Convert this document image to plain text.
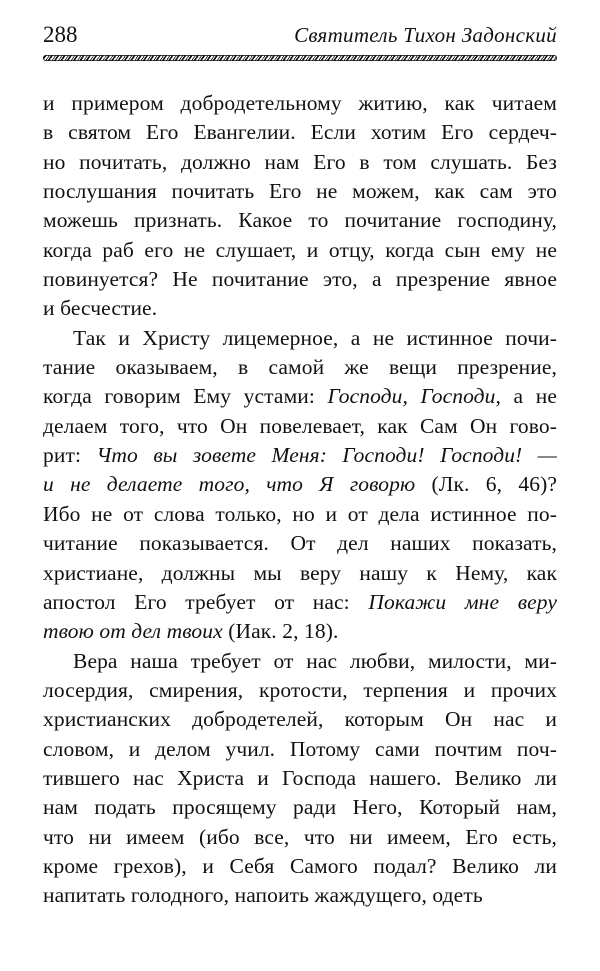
288	Святитель Тихон Задонский
и примером добродетельному житию, как читаем
в святом Его Евангелии. Если хотим Его сердеч-
но почитать, должно нам Его в том слушать. Без
послушания почитать Его не можем, как сам это
можешь признать. Какое то почитание господину,
когда раб его не слушает, и отцу, когда сын ему не
повинуется? Не почитание это, а презрение явное
и бесчестие.
Так и Христу лицемерное, а не истинное почи-
тание оказываем, в самой же вещи презрение,
когда говорим Ему устами: Господи, Господи, а не
делаем того, что Он повелевает, как Сам Он гово-
рит: Что вы зовете Меня: Господи! Господи! —
и не делаете того, что Я говорю (Лк. 6, 46)?
Ибо не от слова только, но и от дела истинное по-
читание показывается. От дел наших показать,
христиане, должны мы веру нашу к Нему, как
апостол Его требует от нас: Покажи мне веру
твою от дел твоих (Иак. 2, 18).
Вера наша требует от нас любви, милости, ми-
лосердия, смирения, кротости, терпения и прочих
христианских добродетелей, которым Он нас и
словом, и делом учил. Потому сами почтим поч-
тившего нас Христа и Господа нашего. Велико ли
нам подать просящему ради Него, Который нам,
что ни имеем (ибо все, что ни имеем, Его есть,
кроме грехов), и Себя Самого подал? Велико ли
напитать голодного, напоить жаждущего, одеть
